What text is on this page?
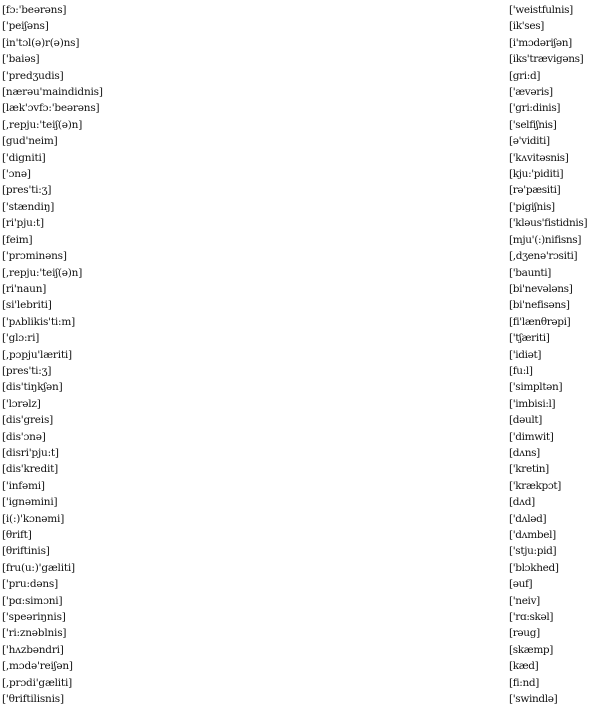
[fɔ:'beərəns]
['peiʃəns]
[in'tɔl(ə)r(ə)ns]
['baiəs]
['predʒudis]
[nærəu'maindidnis]
[læk'ɔvfɔ:'beərəns]
[,repju:'teiʃ(ə)n]
[gud'neim]
['digniti]
['ɔnə]
[pres'ti:ʒ]
['stændiŋ]
[ri'pju:t]
[feim]
['prɔminəns]
[,repju:'teiʃ(ə)n]
[ri'naun]
[si'lebriti]
['pʌblikis'ti:m]
['glɔ:ri]
[,pɔpju'læriti]
[pres'ti:ʒ]
[dis'tiŋkʃən]
['lɔrəlz]
[dis'greis]
[dis'ɔnə]
[disri'pju:t]
[dis'kredit]
['infəmi]
['ignəmini]
[i(:)'kɔnəmi]
[θrift]
[θriftinis]
[fru(u:)'gæliti]
['pru:dəns]
['pɑ:simɔni]
['speəriŋnis]
['ri:znəblnis]
['hʌzbəndri]
[,mɔdə'reiʃən]
[,prɔdi'gæliti]
['θriftilisnis]
['weistfulnis]
[ik'ses]
[i'mɔdəriʃən]
[iks'trævigəns]
[gri:d]
['ævəris]
['gri:dinis]
['selfiʃnis]
[ə'viditi]
['kʌvitəsnis]
[kju:'piditi]
[rə'pæsiti]
['pigiʃnis]
['kləus'fistidnis]
[mju'(:)nifisns]
[,dʒenə'rɔsiti]
['baunti]
[bi'nevələns]
[bi'nefisəns]
[fi'lænθrəpi]
['tʃæriti]
['idiət]
[fu:l]
['simpltən]
['imbisi:l]
[dəult]
['dimwit]
[dʌns]
['kretin]
['krækpɔt]
[dʌd]
['dʌləd]
['dʌmbel]
['stju:pid]
['blɔkhed]
[əuf]
['neiv]
['rɑ:skəl]
[rəug]
[skæmp]
[kæd]
[fi:nd]
['swindlə]
